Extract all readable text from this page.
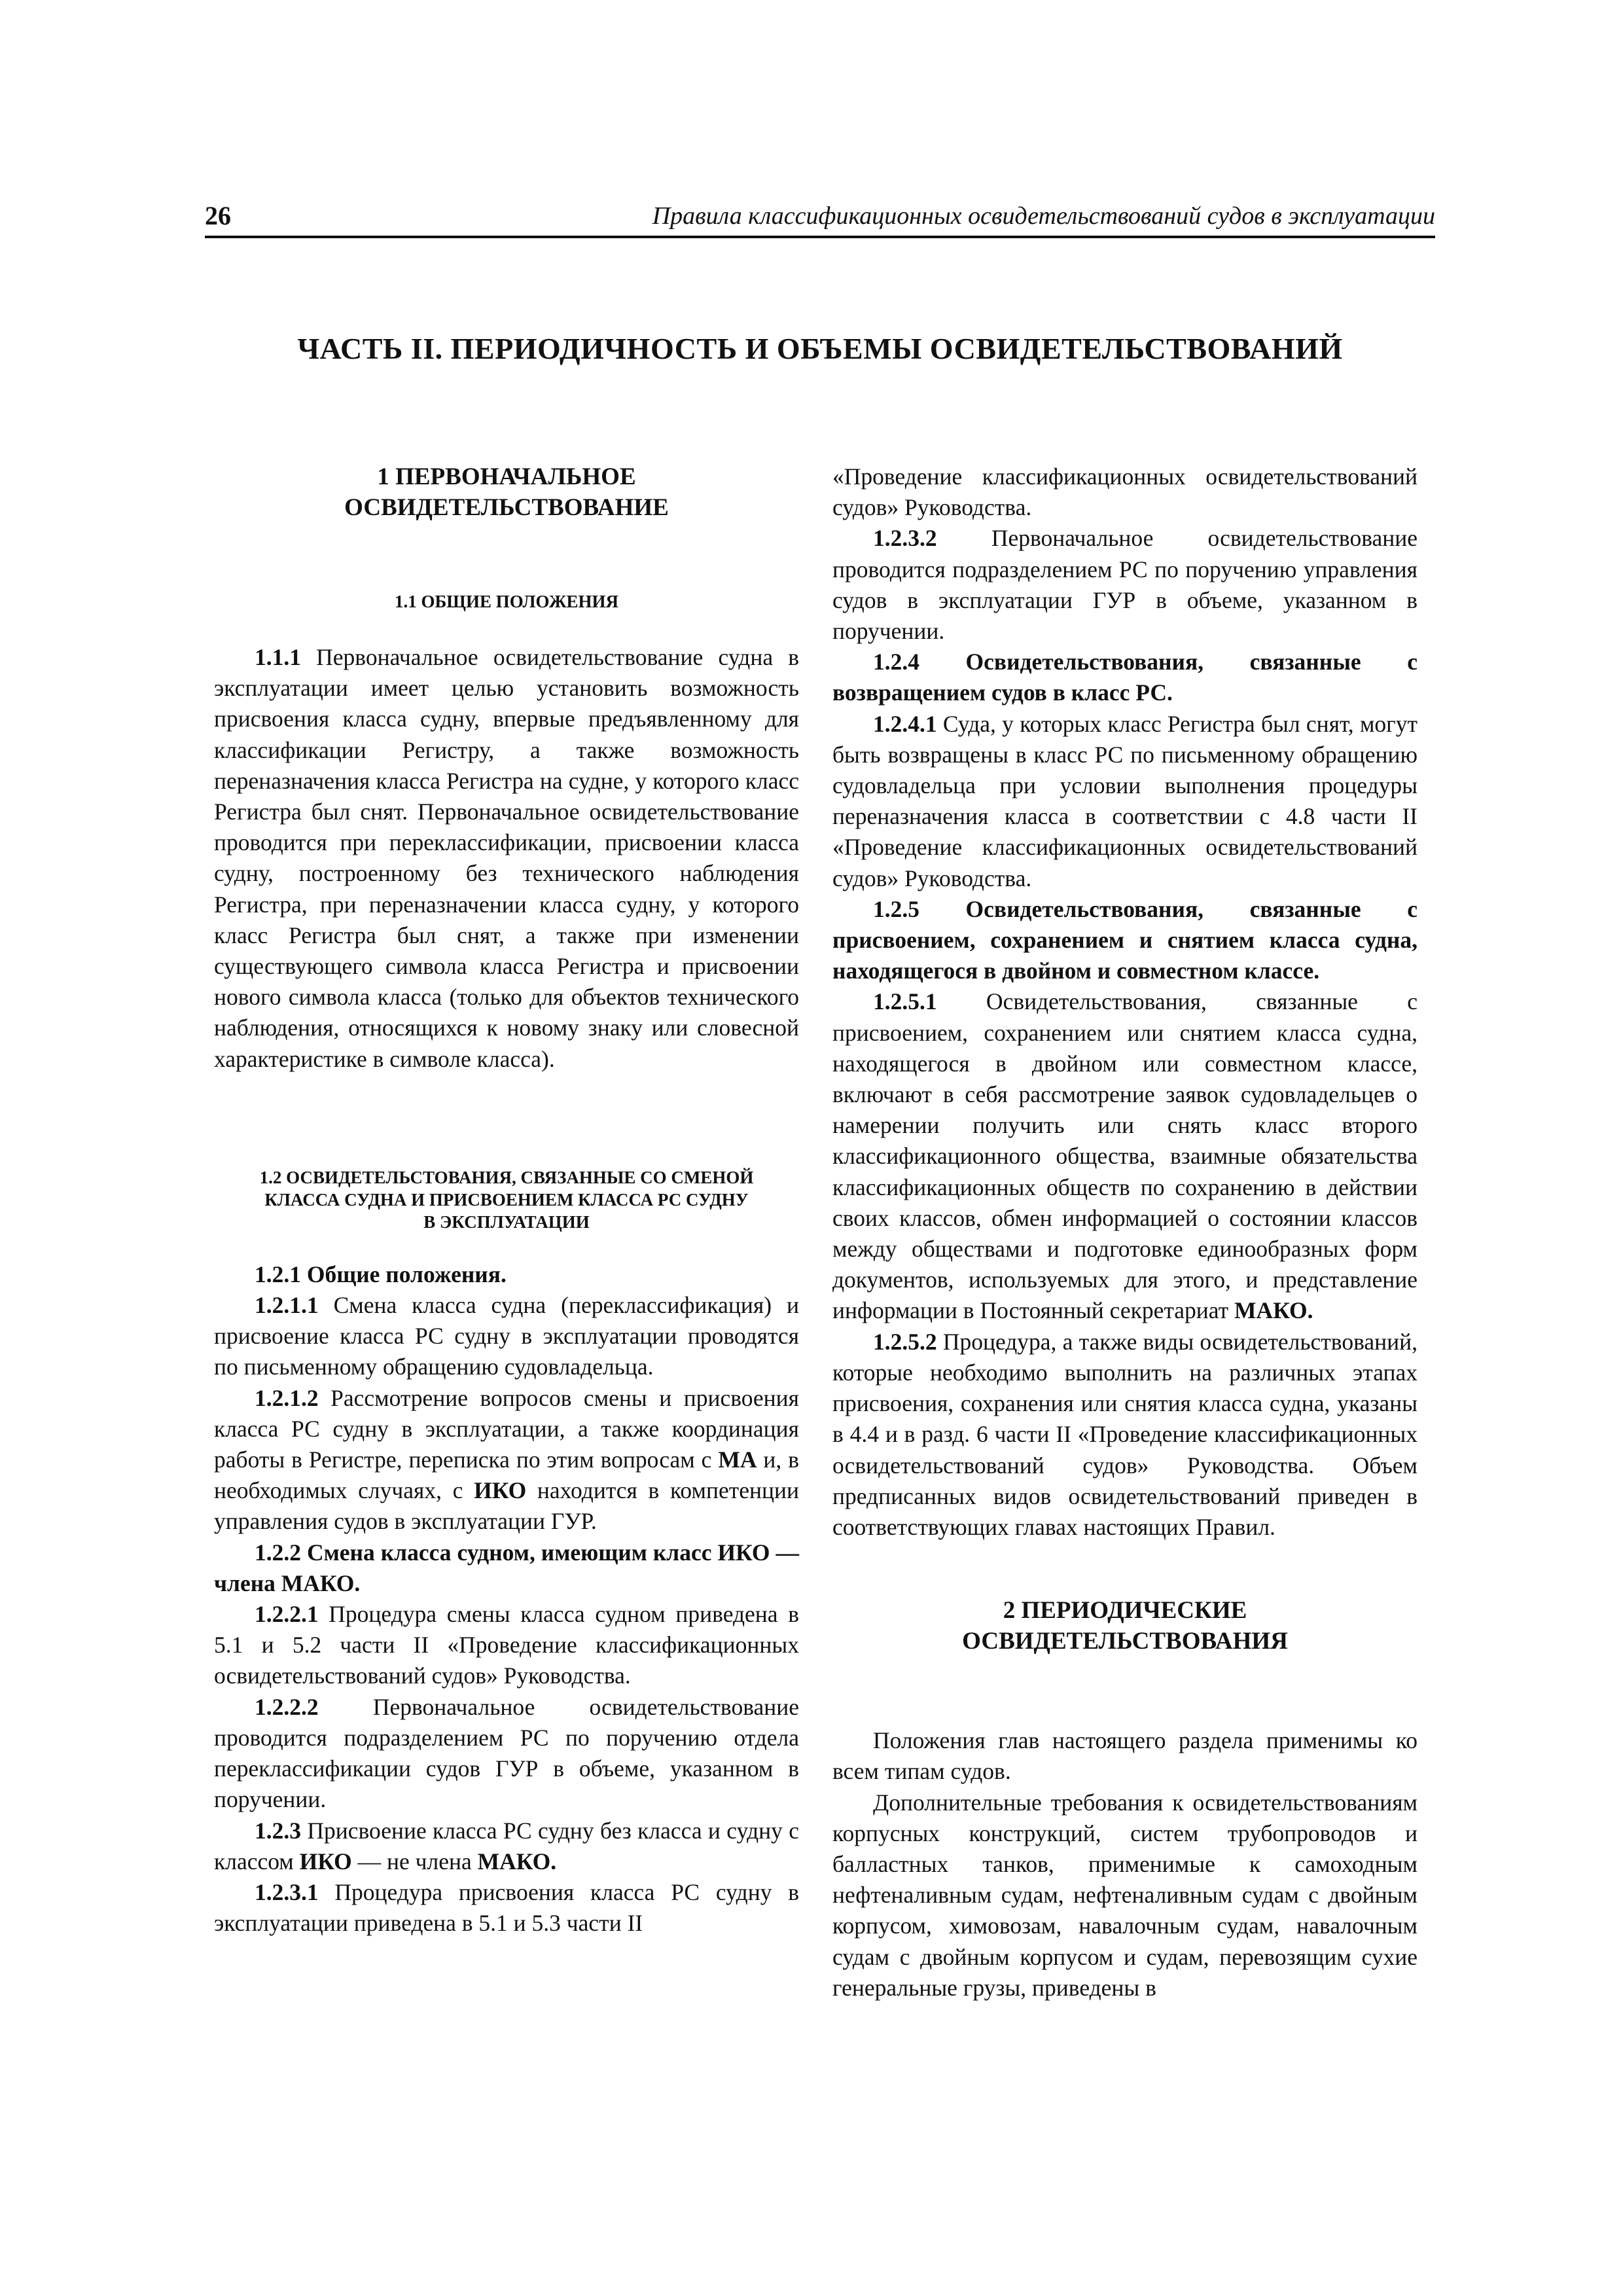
26	Правила классификационных освидетельствований судов в эксплуатации
ЧАСТЬ II. ПЕРИОДИЧНОСТЬ И ОБЪЕМЫ ОСВИДЕТЕЛЬСТВОВАНИЙ
1 ПЕРВОНАЧАЛЬНОЕ
ОСВИДЕТЕЛЬСТВОВАНИЕ
1.1 ОБЩИЕ ПОЛОЖЕНИЯ

1.1.1 Первоначальное освидетельствование судна в эксплуатации имеет целью установить возможность присвоения класса судну, впервые предъявленному для классификации Регистру, а также возможность переназначения класса Регистра на судне, у которого класс Регистра был снят. Первоначальное освидетельствование проводится при переклассификации, присвоении класса судну, построенному без технического наблюдения Регистра, при переназначении класса судну, у которого класс Регистра был снят, а также при изменении существующего символа класса Регистра и присвоении нового символа класса (только для объектов технического наблюдения, относящихся к новому знаку или словесной характеристике в символе класса).

1.2 ОСВИДЕТЕЛЬСТОВАНИЯ, СВЯЗАННЫЕ СО СМЕНОЙ
КЛАССА СУДНА И ПРИСВОЕНИЕМ КЛАССА РС СУДНУ
В ЭКСПЛУАТАЦИИ

1.2.1 Общие положения.

1.2.1.1 Смена класса судна (переклассификация) и присвоение класса РС судну в эксплуатации проводятся по письменному обращению судовладельца.

1.2.1.2 Рассмотрение вопросов смены и присвоения класса РС судну в эксплуатации, а также координация работы в Регистре, переписка по этим вопросам с МА и, в необходимых случаях, с ИКО находится в компетенции управления судов в эксплуатации ГУР.

1.2.2 Смена класса судном, имеющим класс ИКО — члена МАКО.

1.2.2.1 Процедура смены класса судном приведена в 5.1 и 5.2 части II «Проведение классификационных освидетельствований судов» Руководства.

1.2.2.2 Первоначальное освидетельствование проводится подразделением РС по поручению отдела переклассификации судов ГУР в объеме, указанном в поручении.

1.2.3 Присвоение класса РС судну без класса и судну с классом ИКО — не члена МАКО.

1.2.3.1 Процедура присвоения класса РС судну в эксплуатации приведена в 5.1 и 5.3 части II

«Проведение классификационных освидетельствований судов» Руководства.

1.2.3.2 Первоначальное освидетельствование проводится подразделением РС по поручению управления судов в эксплуатации ГУР в объеме, указанном в поручении.

1.2.4 Освидетельствования, связанные с возвращением судов в класс РС.

1.2.4.1 Суда, у которых класс Регистра был снят, могут быть возвращены в класс РС по письменному обращению судовладельца при условии выполнения процедуры переназначения класса в соответствии с 4.8 части II «Проведение классификационных освидетельствований судов» Руководства.

1.2.5 Освидетельствования, связанные с присвоением, сохранением и снятием класса судна, находящегося в двойном и совместном классе.

1.2.5.1 Освидетельствования, связанные с присвоением, сохранением или снятием класса судна, находящегося в двойном или совместном классе, включают в себя рассмотрение заявок судовладельцев о намерении получить или снять класс второго классификационного общества, взаимные обязательства классификационных обществ по сохранению в действии своих классов, обмен информацией о состоянии классов между обществами и подготовке единообразных форм документов, используемых для этого, и представление информации в Постоянный секретариат МАКО.

1.2.5.2 Процедура, а также виды освидетельствований, которые необходимо выполнить на различных этапах присвоения, сохранения или снятия класса судна, указаны в 4.4 и в разд. 6 части II «Проведение классификационных освидетельствований судов» Руководства. Объем предписанных видов освидетельствований приведен в соответствующих главах настоящих Правил.

2 ПЕРИОДИЧЕСКИЕ
ОСВИДЕТЕЛЬСТВОВАНИЯ

Положения глав настоящего раздела применимы ко всем типам судов.

Дополнительные требования к освидетельствованиям корпусных конструкций, систем трубопроводов и балластных танков, применимые к самоходным нефтеналивным судам, нефтеналивным судам с двойным корпусом, химовозам, навалочным судам, навалочным судам с двойным корпусом и судам, перевозящим сухие генеральные грузы, приведены в
